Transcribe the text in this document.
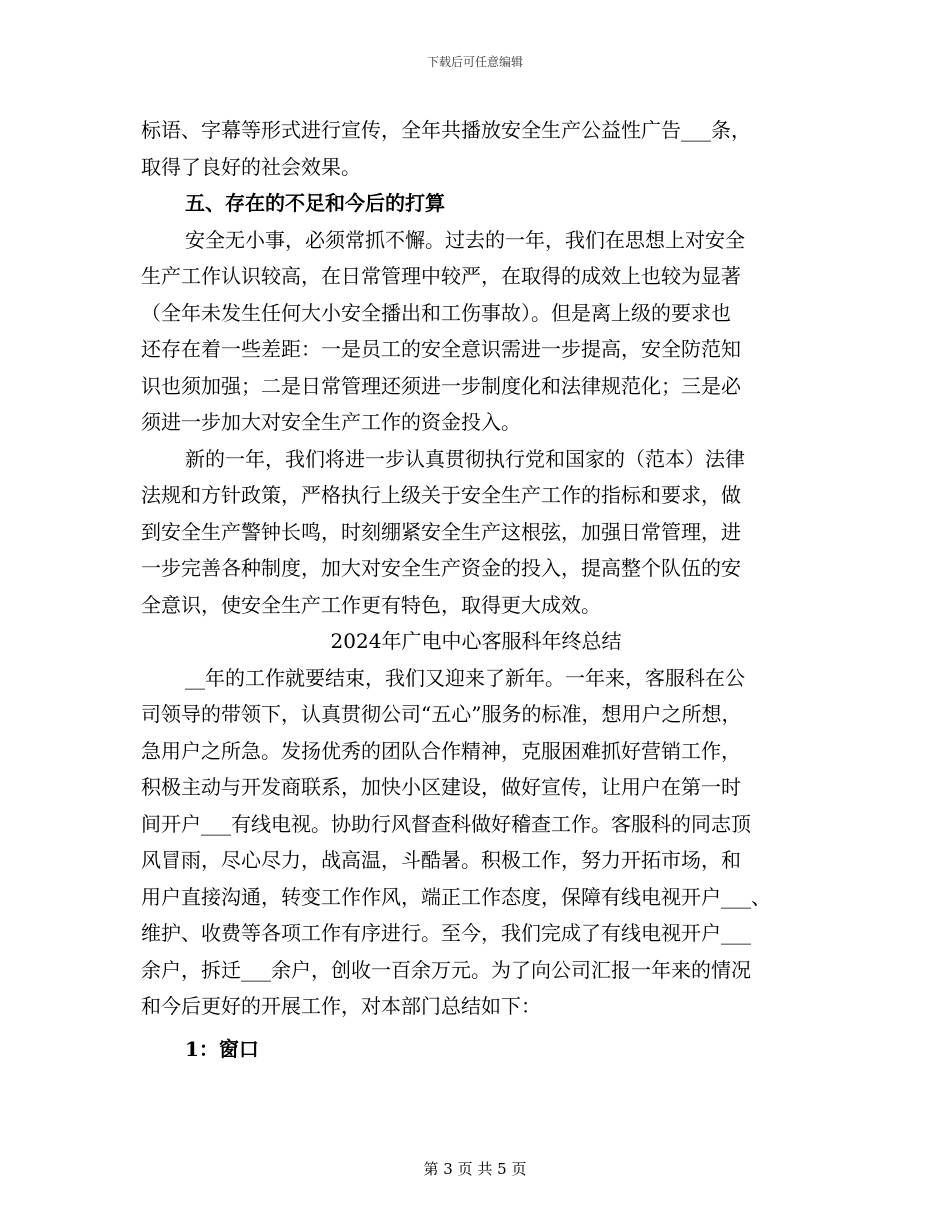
下载后可任意编辑
标语、字幕等形式进行宣传，全年共播放安全生产公益性广告___条，
取得了良好的社会效果。
五、存在的不足和今后的打算
安全无小事，必须常抓不懈。过去的一年，我们在思想上对安全
生产工作认识较高，在日常管理中较严，在取得的成效上也较为显著
（全年未发生任何大小安全播出和工伤事故）。但是离上级的要求也
还存在着一些差距：一是员工的安全意识需进一步提高，安全防范知
识也须加强；二是日常管理还须进一步制度化和法律规范化；三是必
须进一步加大对安全生产工作的资金投入。
新的一年，我们将进一步认真贯彻执行党和国家的（范本）法律
法规和方针政策，严格执行上级关于安全生产工作的指标和要求，做
到安全生产警钟长鸣，时刻绷紧安全生产这根弦，加强日常管理，进
一步完善各种制度，加大对安全生产资金的投入，提高整个队伍的安
全意识，使安全生产工作更有特色，取得更大成效。
2024年广电中心客服科年终总结
__年的工作就要结束，我们又迎来了新年。一年来，客服科在公
司领导的带领下，认真贯彻公司“五心”服务的标准，想用户之所想，
急用户之所急。发扬优秀的团队合作精神，克服困难抓好营销工作，
积极主动与开发商联系，加快小区建设，做好宣传，让用户在第一时
间开户___有线电视。协助行风督查科做好稽查工作。客服科的同志顶
风冒雨，尽心尽力，战高温，斗酷暑。积极工作，努力开拓市场，和
用户直接沟通，转变工作作风，端正工作态度，保障有线电视开户___、
维护、收费等各项工作有序进行。至今，我们完成了有线电视开户___
余户，拆迁___余户，创收一百余万元。为了向公司汇报一年来的情况
和今后更好的开展工作，对本部门总结如下：
1：窗口
第 3 页 共 5 页
